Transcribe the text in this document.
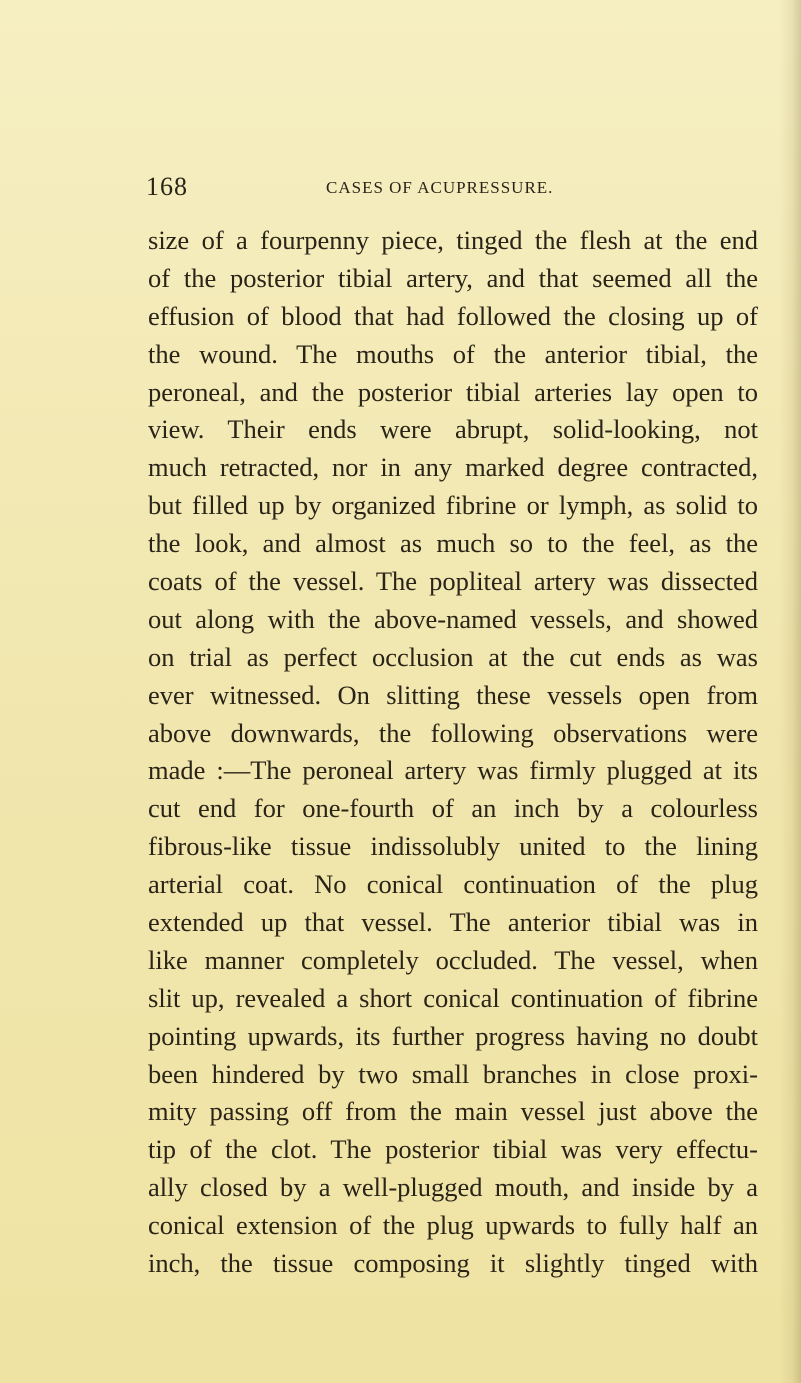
168	CASES OF ACUPRESSURE.
size of a fourpenny piece, tinged the flesh at the end
of the posterior tibial artery, and that seemed all the
effusion of blood that had followed the closing up of
the wound. The mouths of the anterior tibial, the
peroneal, and the posterior tibial arteries lay open to
view. Their ends were abrupt, solid-looking, not
much retracted, nor in any marked degree contracted,
but filled up by organized fibrine or lymph, as solid to
the look, and almost as much so to the feel, as the
coats of the vessel. The popliteal artery was dissected
out along with the above-named vessels, and showed
on trial as perfect occlusion at the cut ends as was
ever witnessed. On slitting these vessels open from
above downwards, the following observations were
made :—The peroneal artery was firmly plugged at its
cut end for one-fourth of an inch by a colourless
fibrous-like tissue indissolubly united to the lining
arterial coat. No conical continuation of the plug
extended up that vessel. The anterior tibial was in
like manner completely occluded. The vessel, when
slit up, revealed a short conical continuation of fibrine
pointing upwards, its further progress having no doubt
been hindered by two small branches in close proxi-
mity passing off from the main vessel just above the
tip of the clot. The posterior tibial was very effectu-
ally closed by a well-plugged mouth, and inside by a
conical extension of the plug upwards to fully half an
inch, the tissue composing it slightly tinged with
